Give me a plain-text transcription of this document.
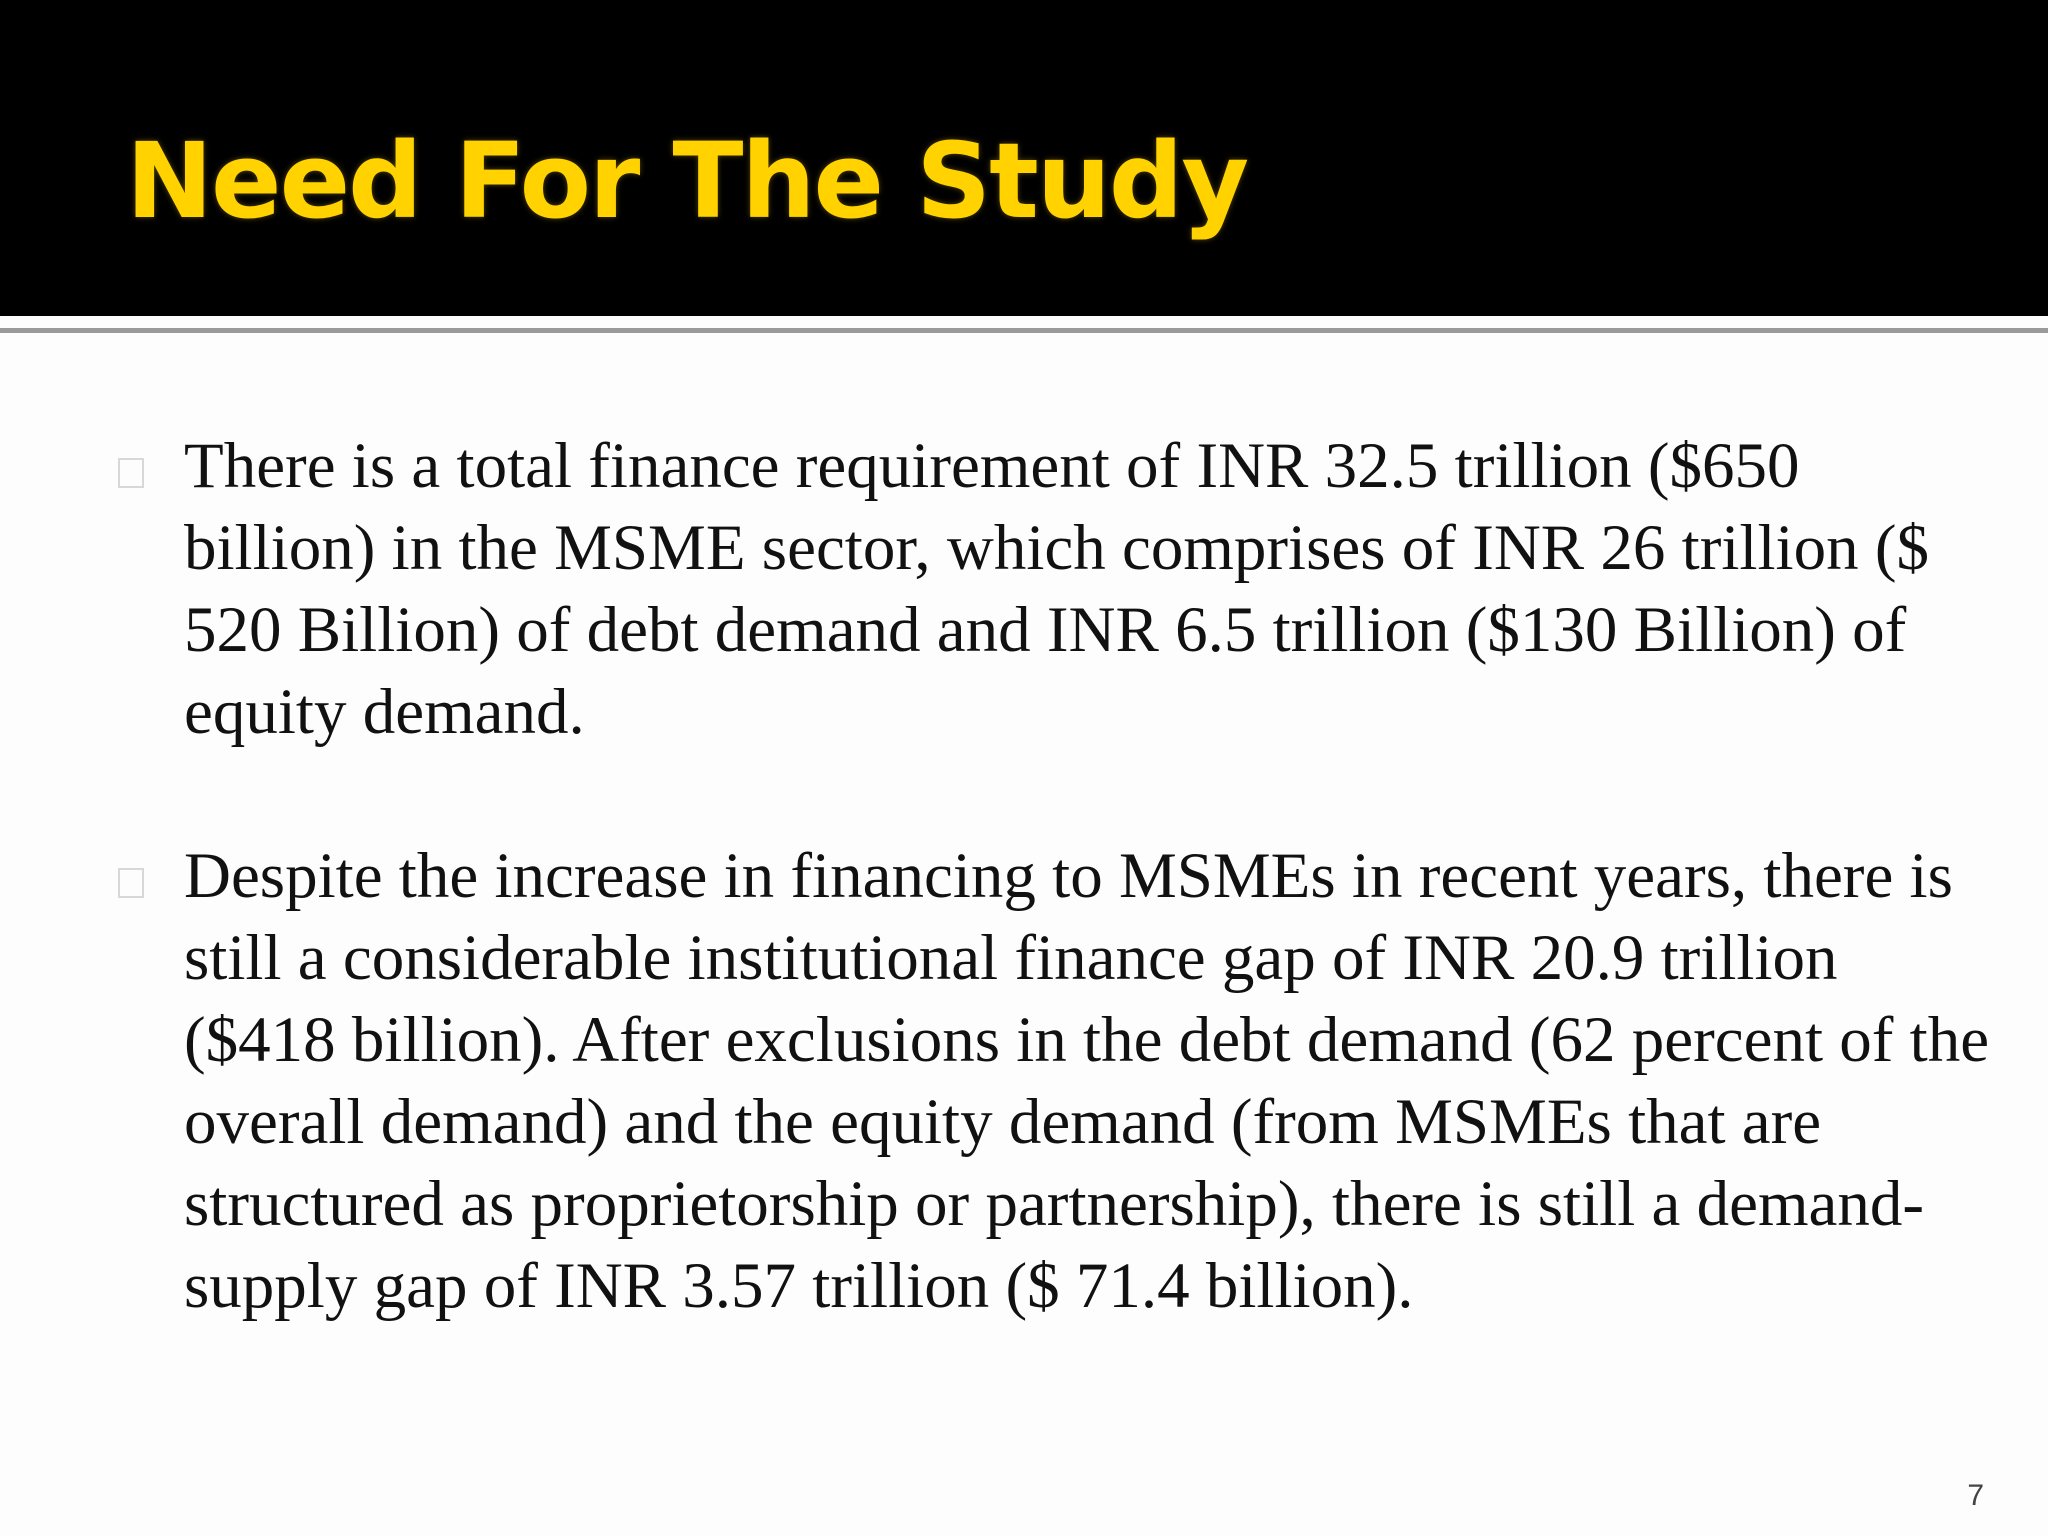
Need For The Study
There is a total finance requirement of INR 32.5 trillion ($650 billion) in the MSME sector, which comprises of INR 26 trillion ($ 520 Billion) of debt demand and INR 6.5 trillion ($130 Billion) of equity demand.
Despite the increase in financing to MSMEs in recent years, there is still a considerable institutional finance gap of INR 20.9 trillion ($418 billion). After exclusions in the debt demand (62 percent of the overall demand) and the equity demand (from MSMEs that are structured as proprietorship or partnership), there is still a demand-supply gap of INR 3.57 trillion ($ 71.4 billion).
7
